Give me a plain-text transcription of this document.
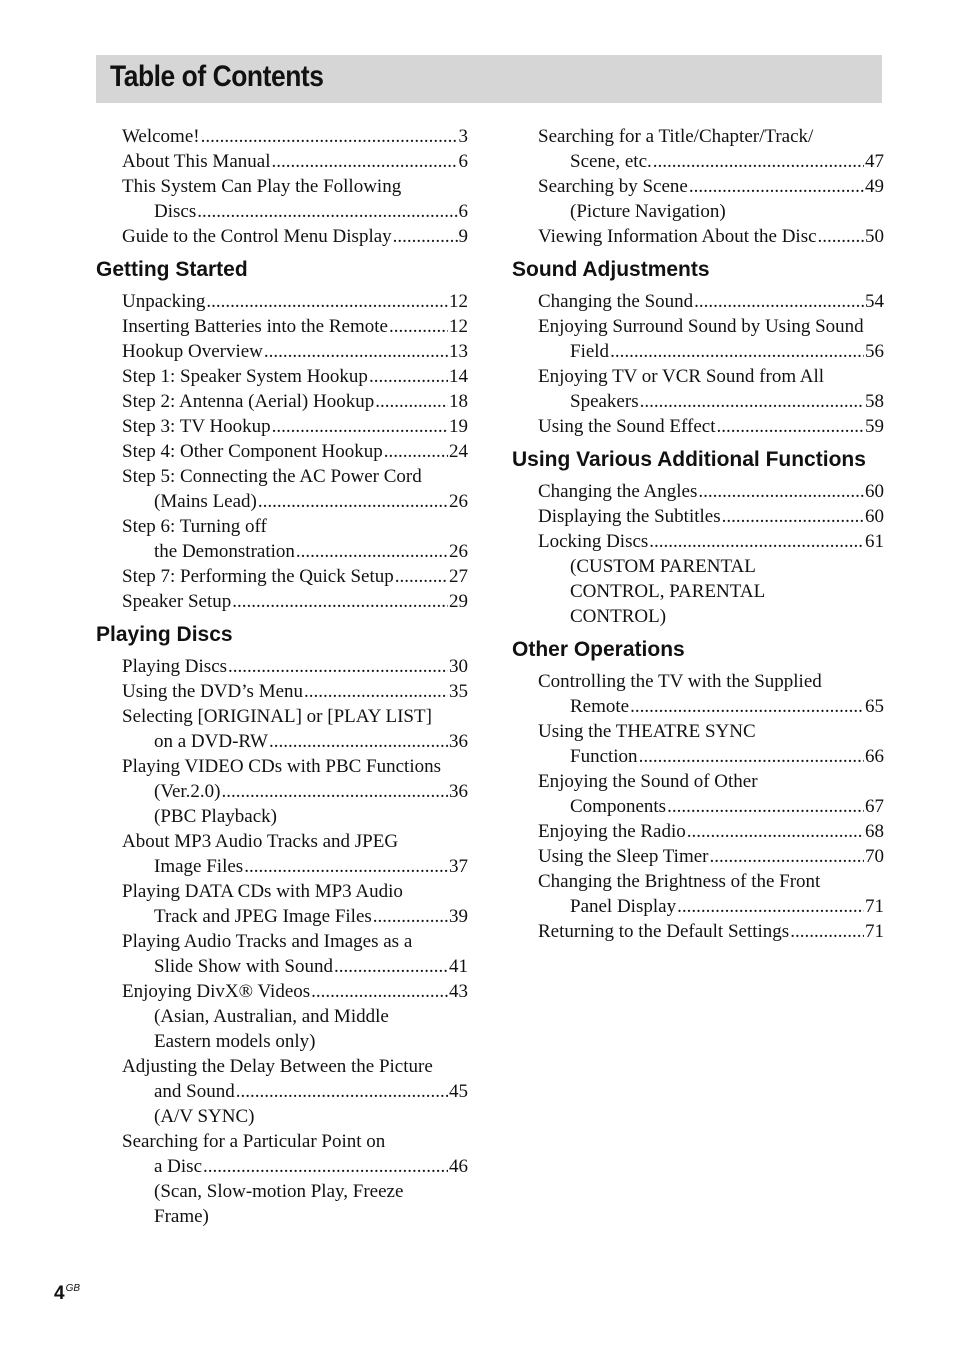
Table of Contents
Welcome! .....	3
About This Manual .....	6
This System Can Play the Following
Discs .....	6
Guide to the Control Menu Display .....	9
Getting Started
Unpacking .....	12
Inserting Batteries into the Remote .....	12
Hookup Overview .....	13
Step 1: Speaker System Hookup .....	14
Step 2: Antenna (Aerial) Hookup .....	18
Step 3: TV Hookup .....	19
Step 4: Other Component Hookup .....	24
Step 5: Connecting the AC Power Cord
(Mains Lead) .....	26
Step 6: Turning off
the Demonstration .....	26
Step 7: Performing the Quick Setup .....	27
Speaker Setup .....	29
Playing Discs
Playing Discs .....	30
Using the DVD’s Menu .....	35
Selecting [ORIGINAL] or [PLAY LIST]
on a DVD-RW .....	36
Playing VIDEO CDs with PBC Functions
(Ver.2.0) .....	36
(PBC Playback)
About MP3 Audio Tracks and JPEG
Image Files .....	37
Playing DATA CDs with MP3 Audio
Track and JPEG Image Files .....	39
Playing Audio Tracks and Images as a
Slide Show with Sound .....	41
Enjoying DivX® Videos .....	43
(Asian, Australian, and Middle
Eastern models only)
Adjusting the Delay Between the Picture
and Sound .....	45
(A/V SYNC)
Searching for a Particular Point on
a Disc .....	46
(Scan, Slow-motion Play, Freeze
Frame)
Searching for a Title/Chapter/Track/
Scene, etc. .....	47
Searching by Scene .....	49
(Picture Navigation)
Viewing Information About the Disc .....	50
Sound Adjustments
Changing the Sound .....	54
Enjoying Surround Sound by Using Sound
Field .....	56
Enjoying TV or VCR Sound from All
Speakers .....	58
Using the Sound Effect .....	59
Using Various Additional Functions
Changing the Angles .....	60
Displaying the Subtitles .....	60
Locking Discs .....	61
(CUSTOM PARENTAL
CONTROL, PARENTAL
CONTROL)
Other Operations
Controlling the TV with the Supplied
Remote .....	65
Using the THEATRE SYNC
Function .....	66
Enjoying the Sound of Other
Components .....	67
Enjoying the Radio .....	68
Using the Sleep Timer .....	70
Changing the Brightness of the Front
Panel Display .....	71
Returning to the Default Settings .....	71
$4^{GB}$
